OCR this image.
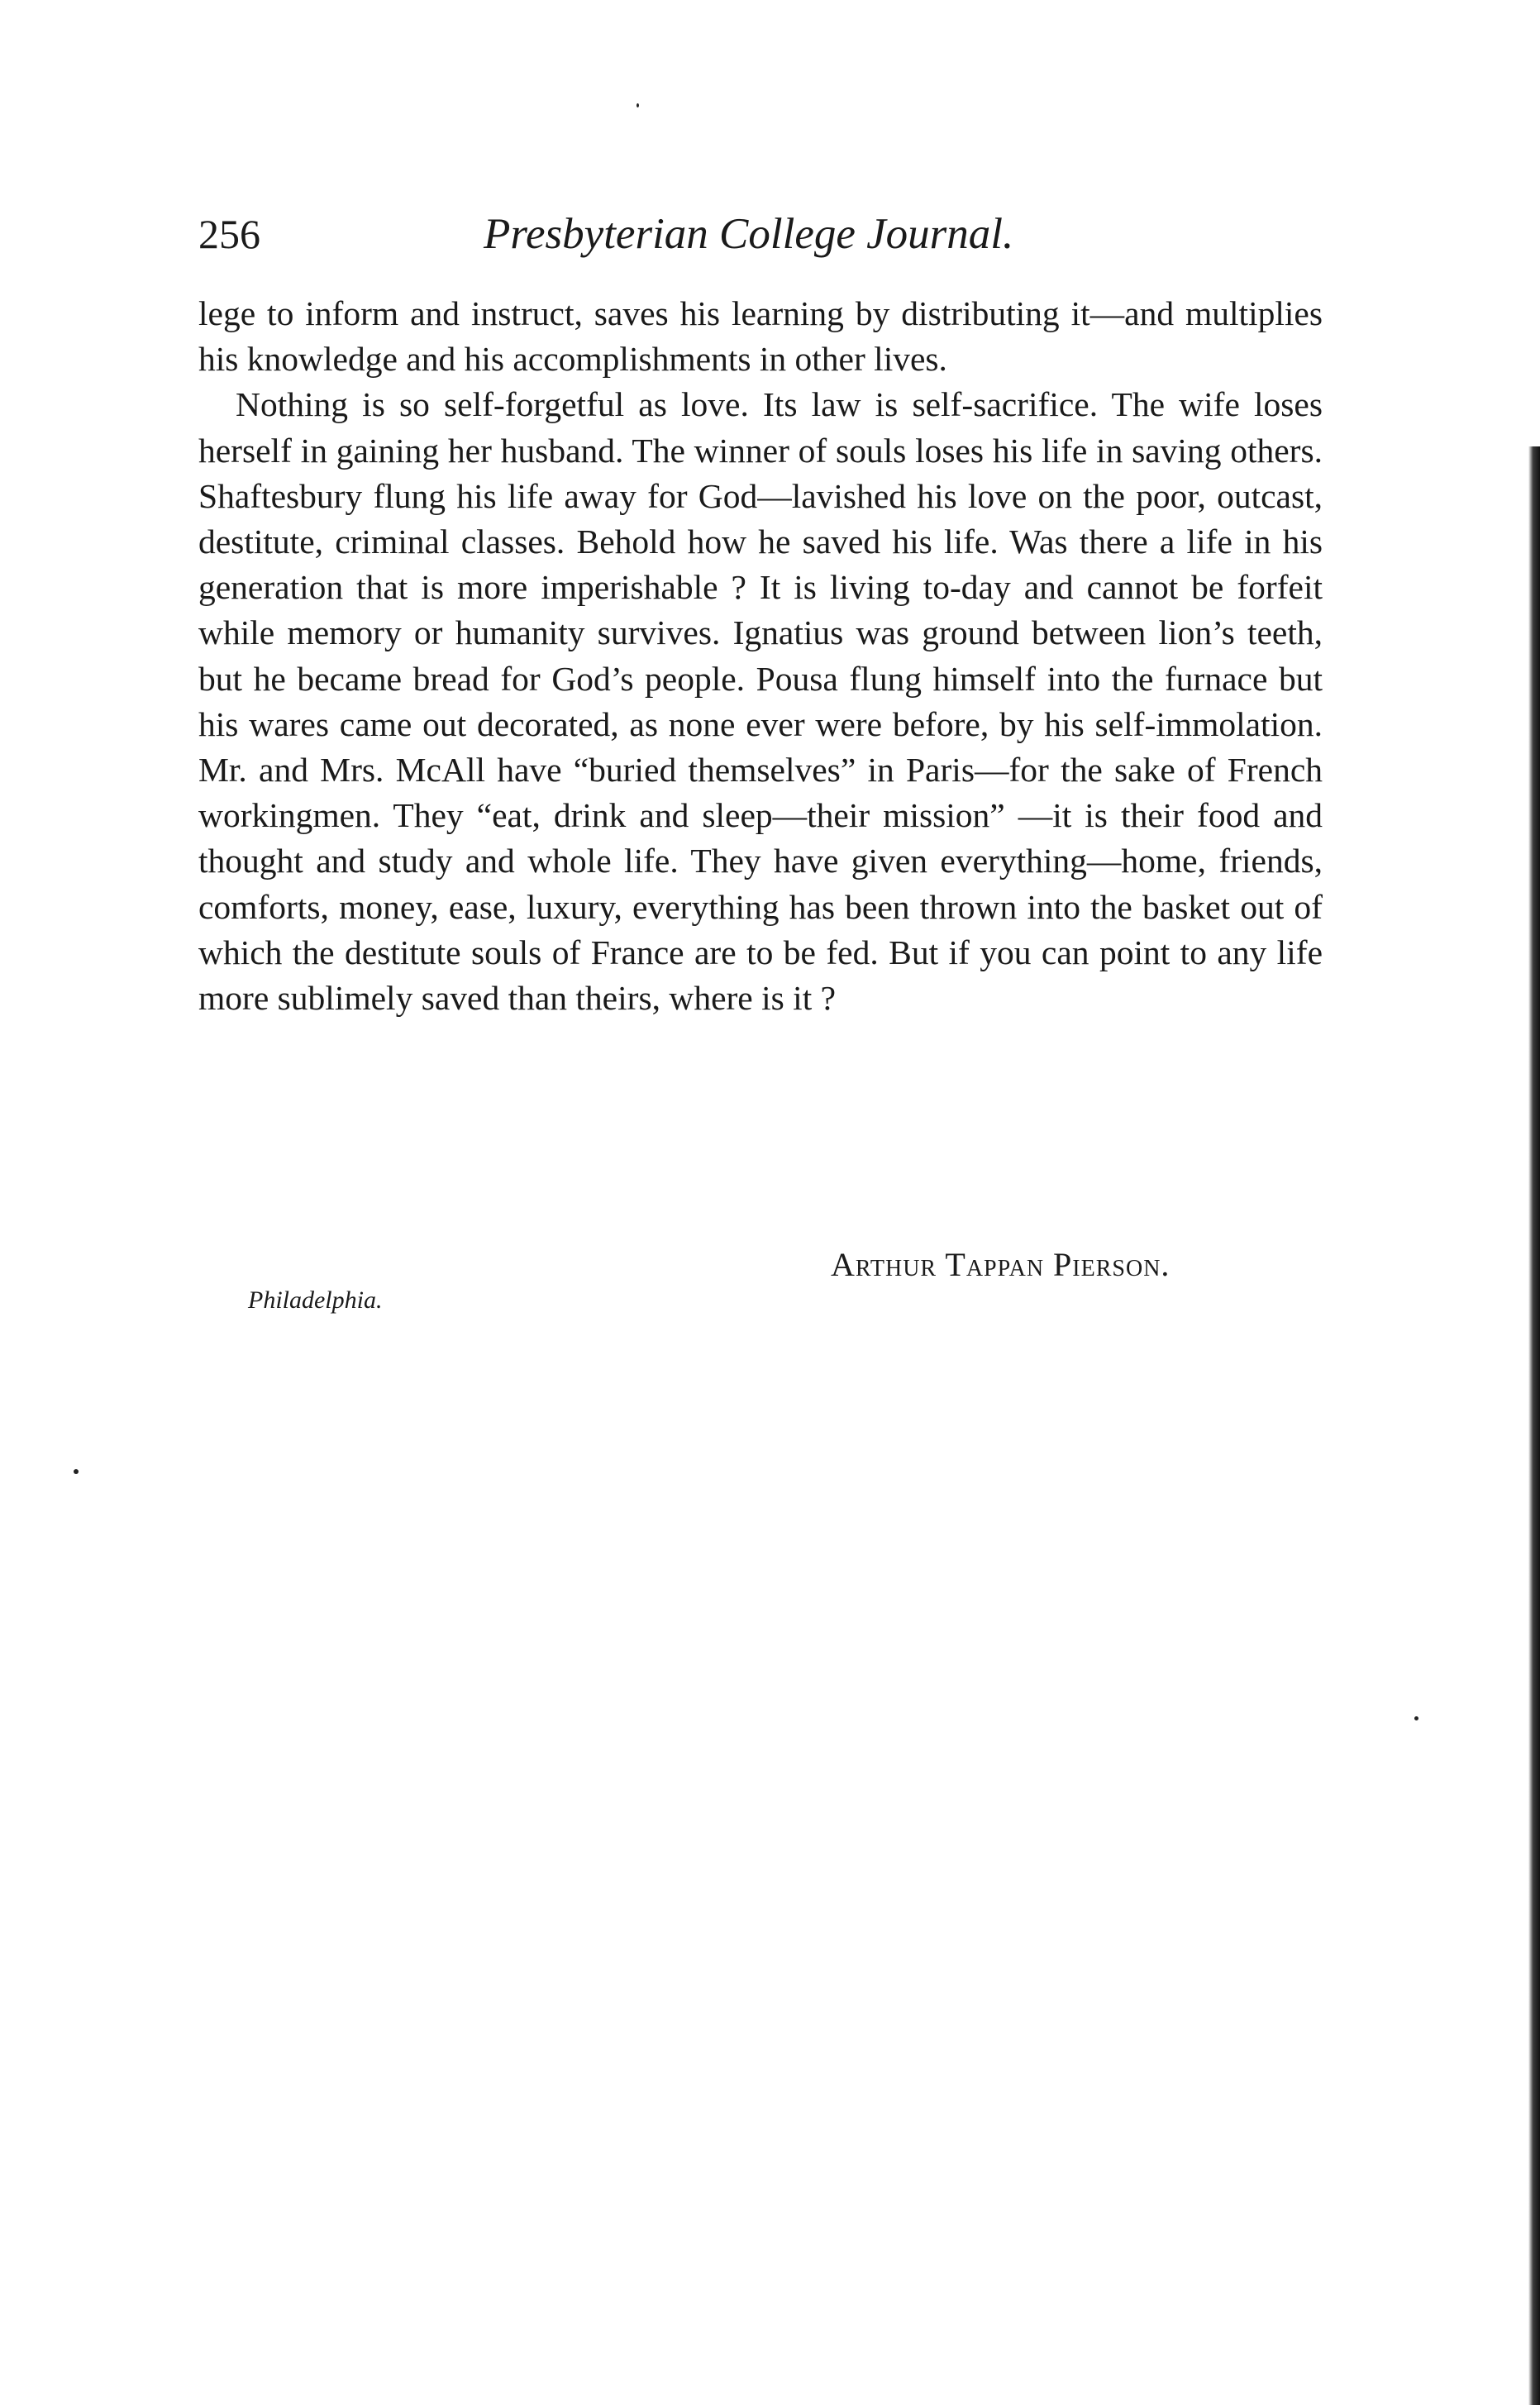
256	Presbyterian College Journal.

lege to inform and instruct, saves his learning by distributing it—and multiplies his knowledge and his accomplishments in other lives.

Nothing is so self-forgetful as love. Its law is self-sacrifice. The wife loses herself in gaining her husband. The winner of souls loses his life in saving others. Shaftesbury flung his life away for God—lavished his love on the poor, outcast, destitute, criminal classes. Behold how he saved his life. Was there a life in his generation that is more imperishable ? It is living to-day and cannot be forfeit while memory or humanity survives. Ignatius was ground between lion’s teeth, but he became bread for God’s people. Pousa flung himself into the furnace but his wares came out decorated, as none ever were before, by his self-immolation. Mr. and Mrs. McAll have “buried themselves” in Paris—for the sake of French workingmen. They “eat, drink and sleep—their mission” —it is their food and thought and study and whole life. They have given everything—home, friends, comforts, money, ease, luxury, everything has been thrown into the basket out of which the destitute souls of France are to be fed. But if you can point to any life more sublimely saved than theirs, where is it ?

Arthur Tappan Pierson.
Philadelphia.
